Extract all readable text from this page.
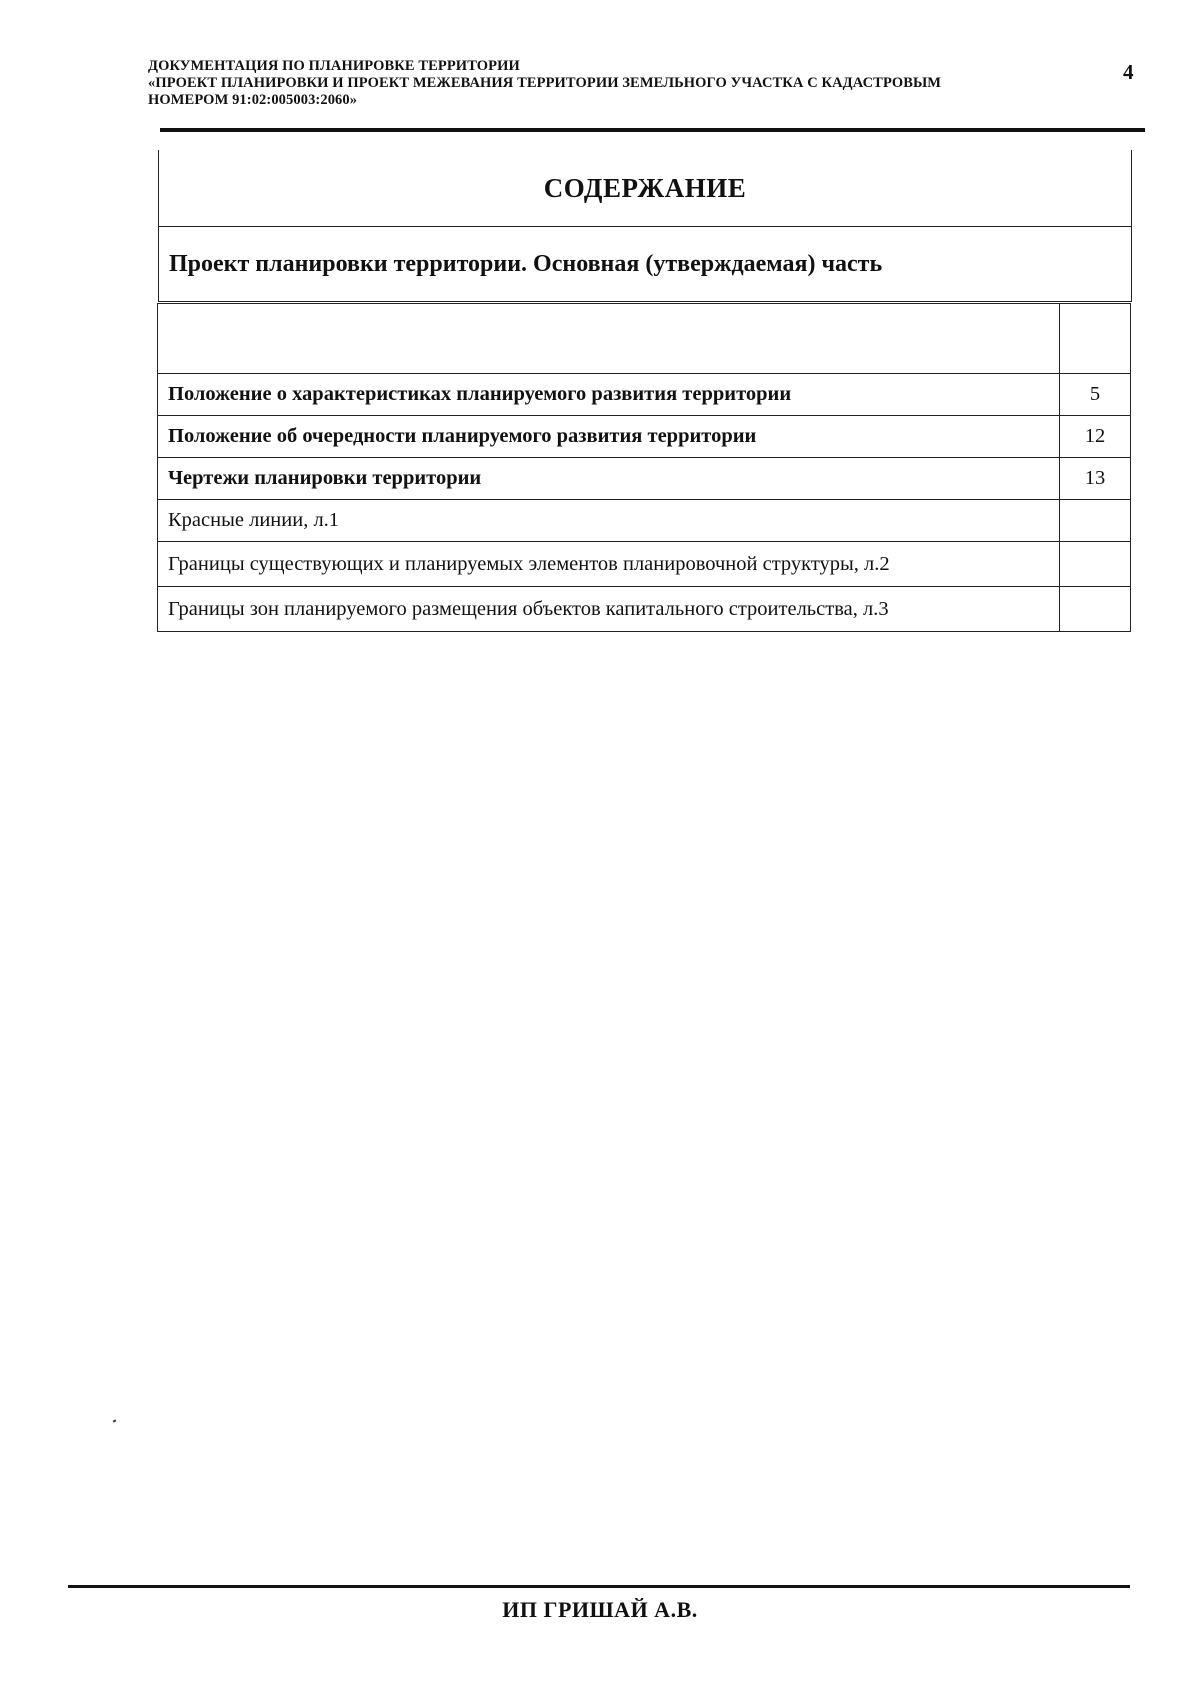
ДОКУМЕНТАЦИЯ ПО ПЛАНИРОВКЕ ТЕРРИТОРИИ
«ПРОЕКТ ПЛАНИРОВКИ И ПРОЕКТ МЕЖЕВАНИЯ ТЕРРИТОРИИ ЗЕМЕЛЬНОГО УЧАСТКА С КАДАСТРОВЫМ
НОМЕРОМ 91:02:005003:2060»
4
СОДЕРЖАНИЕ
Проект планировки территории. Основная (утверждаемая) часть

Положение о характеристиках планируемого развития территории	5
Положение об очередности планируемого развития территории	12
Чертежи планировки территории	13
Красные линии, л.1	
Границы существующих и планируемых элементов планировочной структуры, л.2	
Границы зон планируемого размещения объектов капитального строительства, л.3	
ИП ГРИШАЙ А.В.
